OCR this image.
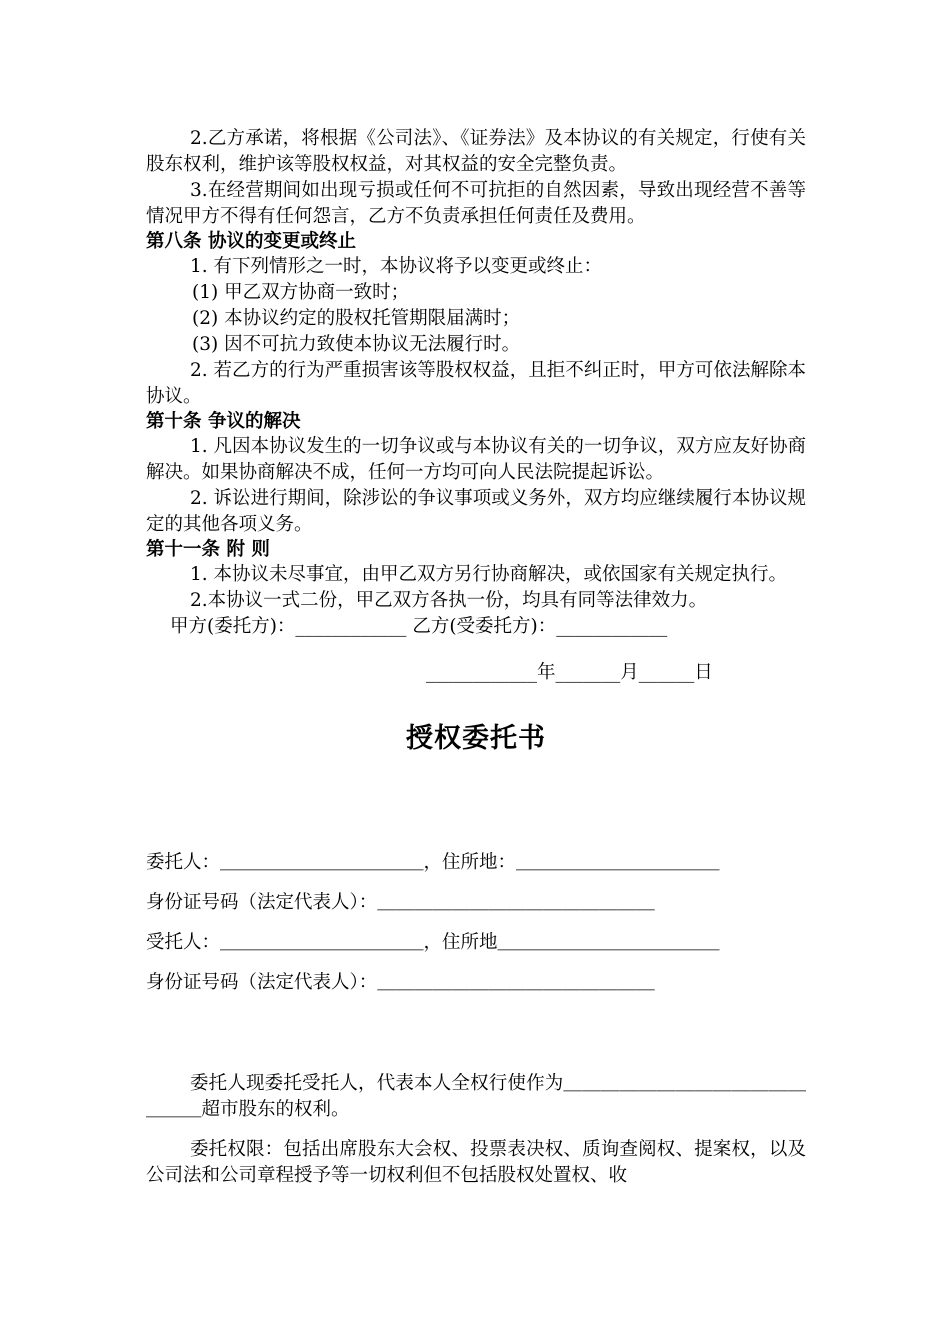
2.乙方承诺，将根据《公司法》、《证券法》及本协议的有关规定，行使有关股东权利，维护该等股权权益，对其权益的安全完整负责。

3.在经营期间如出现亏损或任何不可抗拒的自然因素，导致出现经营不善等情况甲方不得有任何怨言，乙方不负责承担任何责任及费用。

第八条 协议的变更或终止

1. 有下列情形之一时，本协议将予以变更或终止：

(1) 甲乙双方协商一致时；

(2) 本协议约定的股权托管期限届满时；

(3) 因不可抗力致使本协议无法履行时。

2. 若乙方的行为严重损害该等股权权益，且拒不纠正时，甲方可依法解除本协议。

第十条 争议的解决

1. 凡因本协议发生的一切争议或与本协议有关的一切争议，双方应友好协商解决。如果协商解决不成，任何一方均可向人民法院提起诉讼。

2. 诉讼进行期间，除涉讼的争议事项或义务外，双方均应继续履行本协议规定的其他各项义务。

第十一条 附 则

1. 本协议未尽事宜，由甲乙双方另行协商解决，或依国家有关规定执行。

2.本协议一式二份，甲乙双方各执一份，均具有同等法律效力。

甲方(委托方)：____________ 乙方(受委托方)：____________
____________年_______月______日
授权委托书
委托人：＿＿＿＿＿＿＿＿＿＿＿，住所地：＿＿＿＿＿＿＿＿＿＿＿
身份证号码（法定代表人）：＿＿＿＿＿＿＿＿＿＿＿＿＿＿＿
受托人：＿＿＿＿＿＿＿＿＿＿＿，住所地＿＿＿＿＿＿＿＿＿＿＿＿
身份证号码（法定代表人）：＿＿＿＿＿＿＿＿＿＿＿＿＿＿＿

委托人现委托受托人，代表本人全权行使作为＿＿＿＿＿＿＿＿＿＿＿＿＿＿＿＿超市股东的权利。

委托权限：包括出席股东大会权、投票表决权、质询查阅权、提案权，以及公司法和公司章程授予等一切权利但不包括股权处置权、收
